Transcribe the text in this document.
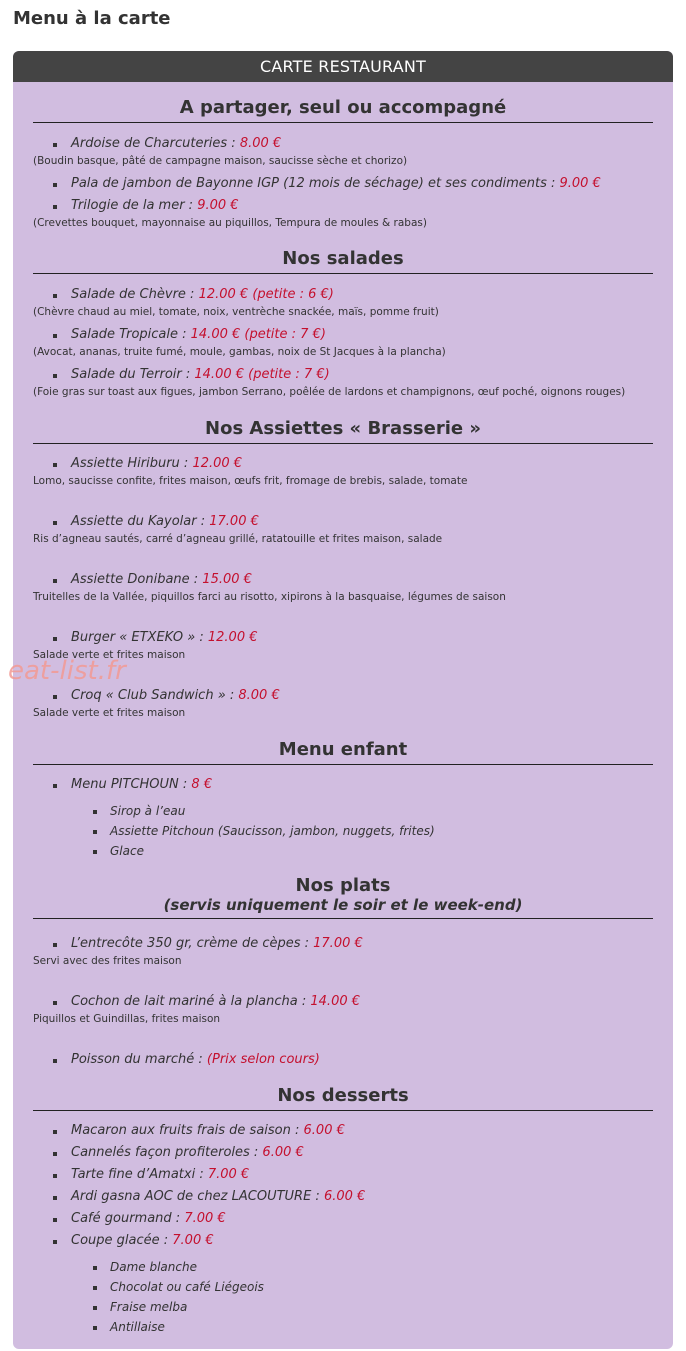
Menu à la carte
CARTE RESTAURANT
A partager, seul ou accompagné
Ardoise de Charcuteries : 8.00 €
(Boudin basque, pâté de campagne maison, saucisse sèche et chorizo)
Pala de jambon de Bayonne IGP (12 mois de séchage) et ses condiments : 9.00 €
Trilogie de la mer : 9.00 €
(Crevettes bouquet, mayonnaise au piquillos, Tempura de moules & rabas)
Nos salades
Salade de Chèvre : 12.00 € (petite : 6 €)
(Chèvre chaud au miel, tomate, noix, ventrèche snackée, maïs, pomme fruit)
Salade Tropicale : 14.00 € (petite : 7 €)
(Avocat, ananas, truite fumé, moule, gambas, noix de St Jacques à la plancha)
Salade du Terroir : 14.00 € (petite : 7 €)
(Foie gras sur toast aux figues, jambon Serrano, poêlée de lardons et champignons, œuf poché, oignons rouges)
Nos Assiettes « Brasserie »
Assiette Hiriburu : 12.00 €
Lomo, saucisse confite, frites maison, œufs frit, fromage de brebis, salade, tomate
Assiette du Kayolar : 17.00 €
Ris d’agneau sautés, carré d’agneau grillé, ratatouille et frites maison, salade
Assiette Donibane : 15.00 €
Truitelles de la Vallée, piquillos farci au risotto, xipirons à la basquaise, légumes de saison
Burger « ETXEKO » : 12.00 €
Salade verte et frites maison
Croq « Club Sandwich » : 8.00 €
Salade verte et frites maison
Menu enfant
Menu PITCHOUN : 8 €
Sirop à l’eau
Assiette Pitchoun (Saucisson, jambon, nuggets, frites)
Glace
Nos plats
(servis uniquement le soir et le week-end)
L’entrecôte 350 gr, crème de cèpes : 17.00 €
Servi avec des frites maison
Cochon de lait mariné à la plancha : 14.00 €
Piquillos et Guindillas, frites maison
Poisson du marché : (Prix selon cours)
Nos desserts
Macaron aux fruits frais de saison : 6.00 €
Cannelés façon profiteroles : 6.00 €
Tarte fine d’Amatxi : 7.00 €
Ardi gasna AOC de chez LACOUTURE : 6.00 €
Café gourmand : 7.00 €
Coupe glacée : 7.00 €
Dame blanche
Chocolat ou café Liégeois
Fraise melba
Antillaise
eat-list.fr
